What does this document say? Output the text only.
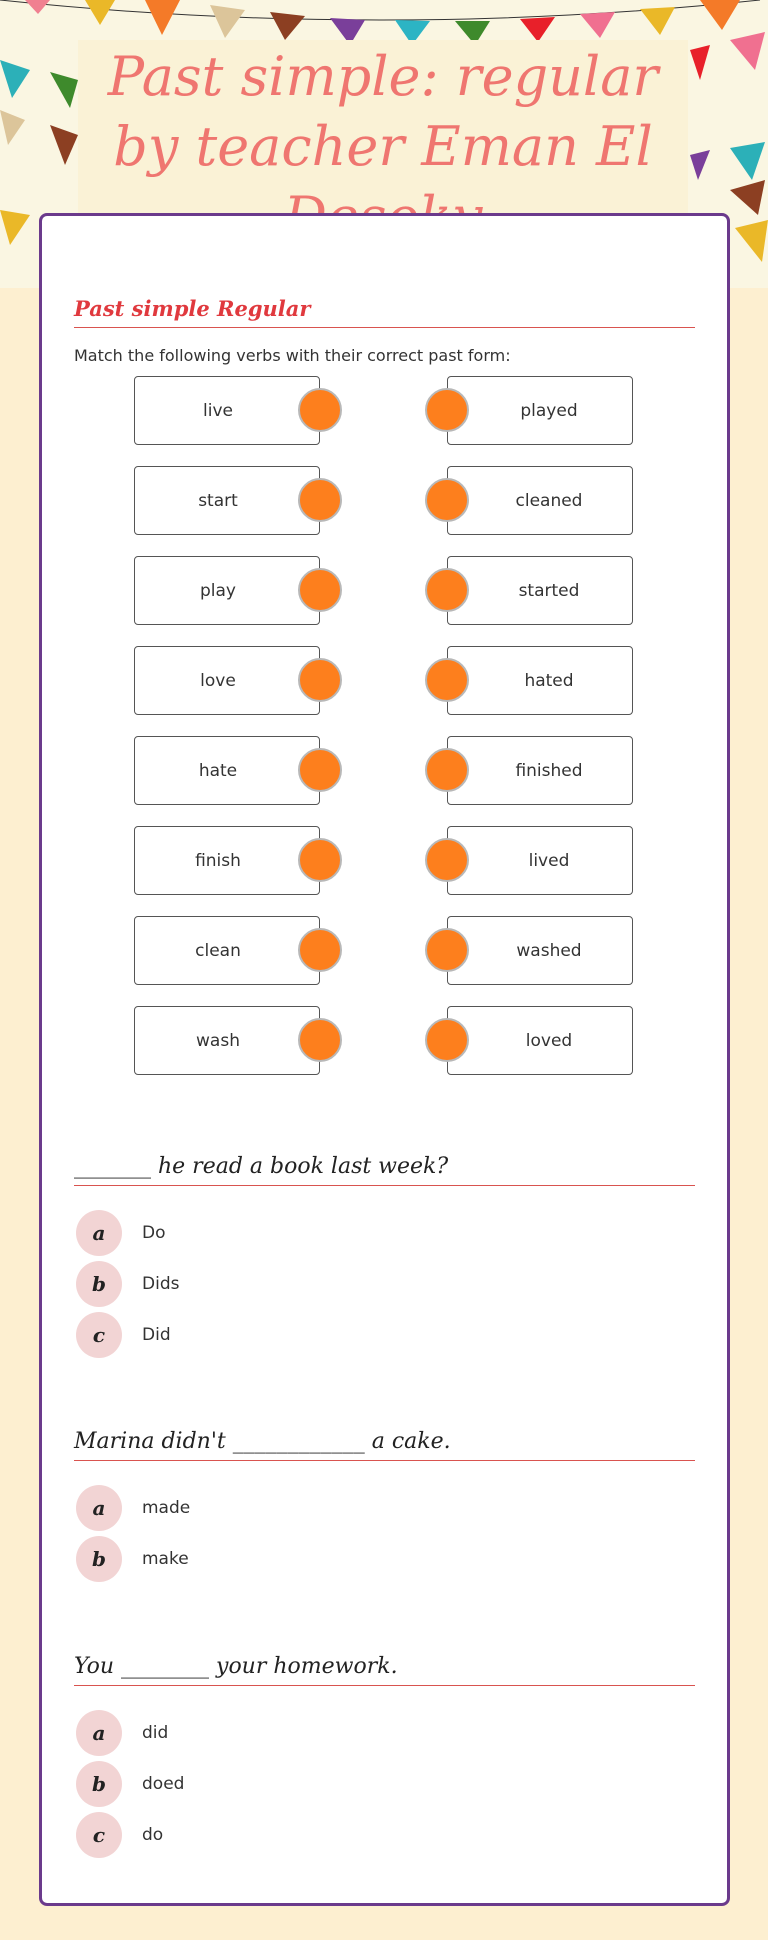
Past simple: regular by teacher Eman El
Past simple Regular
Match the following verbs with their correct past form:
live	played
start	cleaned
play	started
love	hated
hate	finished
finish	lived
clean	washed
wash	loved
_______ he read a book last week?
a	Do
b	Dids
c	Did
Marina didn't ____________ a cake.
a	made
b	make
You ________ your homework.
a	did
b	doed
c	do
